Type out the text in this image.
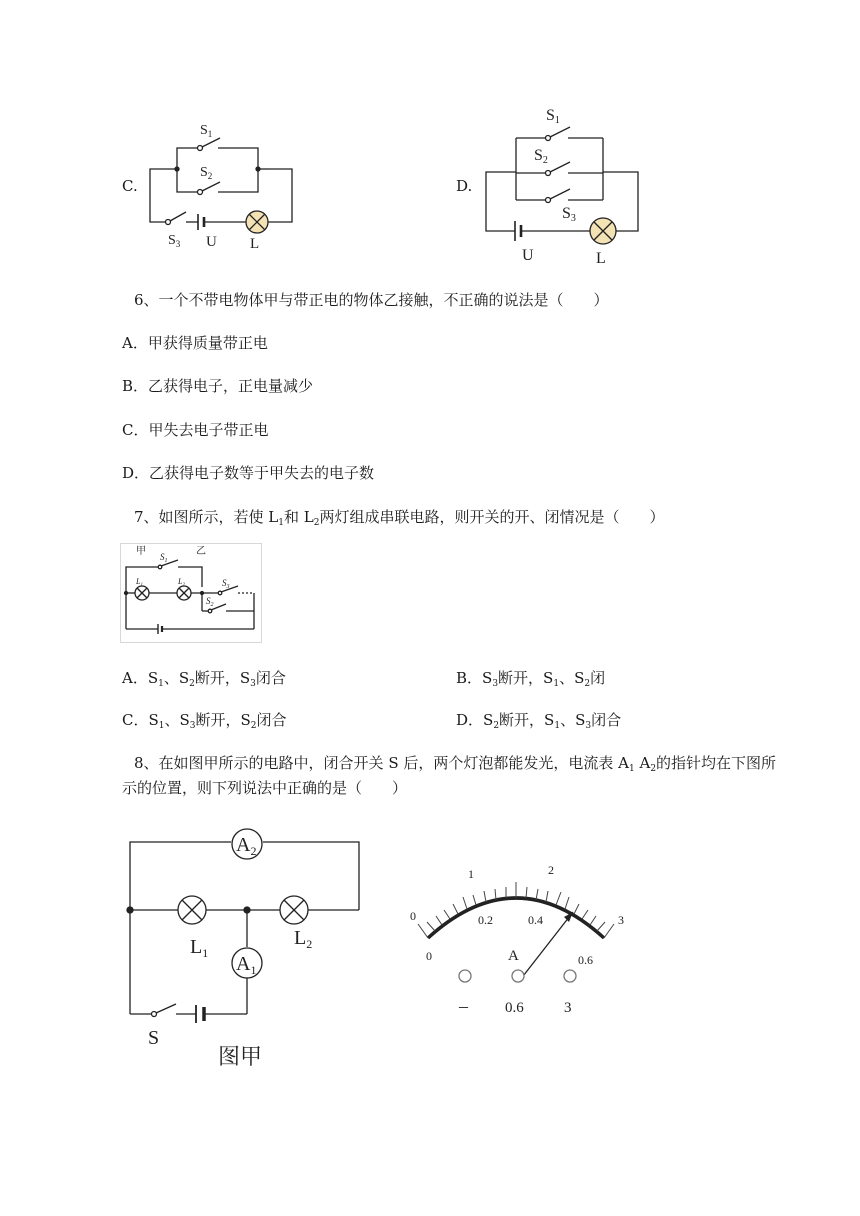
C.
$S_1$
$S_2$
$S_3$ U L
D.
S1
S2
S3
U	L
6、一个不带电物体甲与带正电的物体乙接触，不正确的说法是（　　）
A．甲获得质量带正电
B．乙获得电子，正电量减少
C．甲失去电子带正电
D．乙获得电子数等于甲失去的电子数
7、如图所示，若使 $L_1$和 $L_2$两灯组成串联电路，则开关的开、闭情况是（　　）
甲	乙
$S_1$
$S_3$
$S_2$
$L_1$	$L_2$
A．$S_1$、$S_2$断开，$S_3$闭合	B．$S_3$断开，$S_1$、$S_2$闭
C．$S_1$、$S_3$断开，$S_2$闭合	D．$S_2$断开，$S_1$、$S_3$闭合
8、在如图甲所示的电路中，闭合开关 S 后，两个灯泡都能发光，电流表 $A_1$ $A_2$的指针均在下图所
示的位置，则下列说法中正确的是（　　）
$A_2$
$A_1$
$L_1$
$L_2$
S
图甲
0
1	2
3
0
0.2	0.4
0.6
A
– 0.6	3
